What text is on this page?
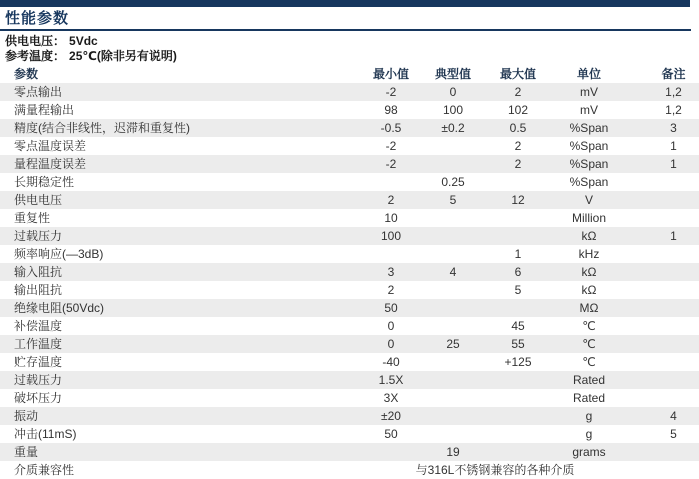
性能参数
供电电压： 5Vdc
参考温度： 25℃(除非另有说明)
参数	最小值	典型值	最大值	单位	备注
零点输出	-2	0	2	mV	1,2
满量程输出	98	100	102	mV	1,2
精度(结合非线性，迟滞和重复性)	-0.5	±0.2	0.5	%Span	3
零点温度误差	-2		2	%Span	1
量程温度误差	-2		2	%Span	1
长期稳定性		0.25		%Span	
供电电压	2	5	12	V	
重复性	10			Million	
过载压力	100			kΩ	1
频率响应(—3dB)			1	kHz	
输入阻抗	3	4	6	kΩ	
输出阻抗	2		5	kΩ	
绝缘电阻(50Vdc)	50			MΩ	
补偿温度	0		45	℃	
工作温度	0	25	55	℃	
贮存温度	-40		+125	℃	
过载压力	1.5X			Rated	
破坏压力	3X			Rated	
振动	±20			g	4
冲击(11mS)	50			g	5
重量		19		grams	
介质兼容性	与316L不锈钢兼容的各种介质				
